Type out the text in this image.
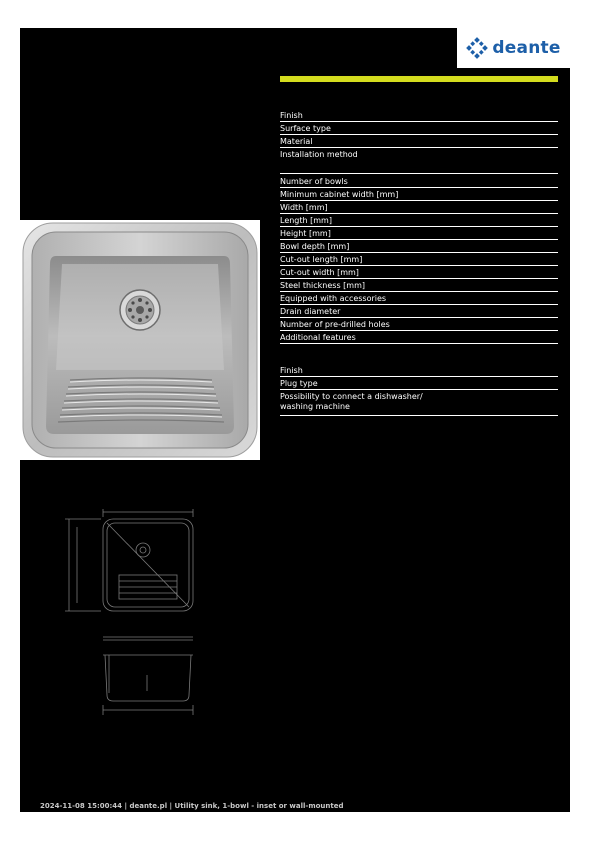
deante
Finish
Surface type
Material
Installation method
Number of bowls
Minimum cabinet width [mm]
Width [mm]
Length [mm]
Height [mm]
Bowl depth [mm]
Cut-out length [mm]
Cut-out width [mm]
Steel thickness [mm]
Equipped with accessories
Drain diameter
Number of pre-drilled holes
Additional features
Finish
Plug type
Possibility to connect a dishwasher/
washing machine
2024-11-08 15:00:44 | deante.pl | Utility sink, 1-bowl - inset or wall-mounted
